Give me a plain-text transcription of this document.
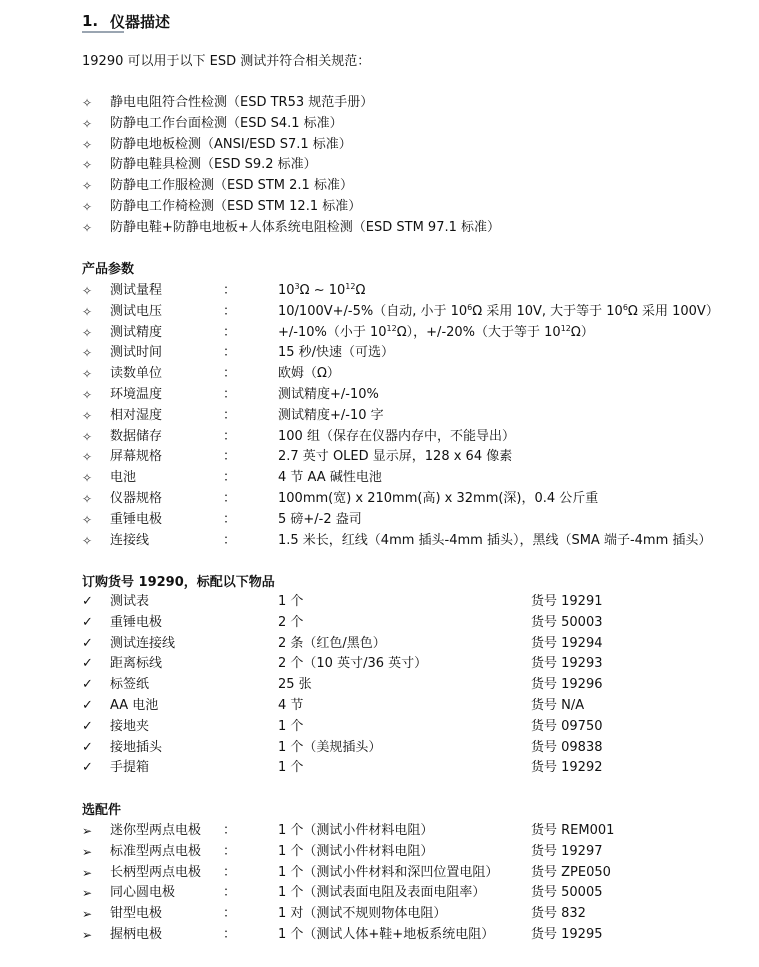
1. 仪器描述
19290 可以用于以下 ESD 测试并符合相关规范：
✧	静电电阻符合性检测（ESD TR53 规范手册）
✧	防静电工作台面检测（ESD S4.1 标准）
✧	防静电地板检测（ANSI/ESD S7.1 标准）
✧	防静电鞋具检测（ESD S9.2 标准）
✧	防静电工作服检测（ESD STM 2.1 标准）
✧	防静电工作椅检测（ESD STM 12.1 标准）
✧	防静电鞋+防静电地板+人体系统电阻检测（ESD STM 97.1 标准）
产品参数
✧	测试量程	：	$10^3\Omega$ ~ $10^{12}\Omega$
✧	测试电压	：	10/100V+/-5%（自动, 小于 $10^6\Omega$ 采用 10V, 大于等于 $10^6\Omega$ 采用 100V）
✧	测试精度	：	+/-10%（小于 $10^{12}\Omega$），+/-20%（大于等于 $10^{12}\Omega$）
✧	测试时间	：	15 秒/快速（可选）
✧	读数单位	：	欧姆（Ω）
✧	环境温度	：	测试精度+/-10%
✧	相对湿度	：	测试精度+/-10 字
✧	数据储存	：	100 组（保存在仪器内存中，不能导出）
✧	屏幕规格	：	2.7 英寸 OLED 显示屏，128 x 64 像素
✧	电池	：	4 节 AA 碱性电池
✧	仪器规格	：	100mm(宽) x 210mm(高) x 32mm(深)，0.4 公斤重
✧	重锤电极	：	5 磅+/-2 盎司
✧	连接线	：	1.5 米长，红线（4mm 插头-4mm 插头），黑线（SMA 端子-4mm 插头）
订购货号 19290，标配以下物品
✓	测试表	1 个	货号 19291
✓	重锤电极	2 个	货号 50003
✓	测试连接线	2 条（红色/黑色）	货号 19294
✓	距离标线	2 个（10 英寸/36 英寸）	货号 19293
✓	标签纸	25 张	货号 19296
✓	AA 电池	4 节	货号 N/A
✓	接地夹	1 个	货号 09750
✓	接地插头	1 个（美规插头）	货号 09838
✓	手提箱	1 个	货号 19292
选配件
➢	迷你型两点电极 ：	1 个（测试小件材料电阻）	货号 REM001
➢	标准型两点电极 ：	1 个（测试小件材料电阻）	货号 19297
➢	长柄型两点电极 ：	1 个（测试小件材料和深凹位置电阻）	货号 ZPE050
➢	同心圆电极	：	1 个（测试表面电阻及表面电阻率）	货号 50005
➢	钳型电极	：	1 对（测试不规则物体电阻）	货号 832
➢	握柄电极	：	1 个（测试人体+鞋+地板系统电阻）	货号 19295
